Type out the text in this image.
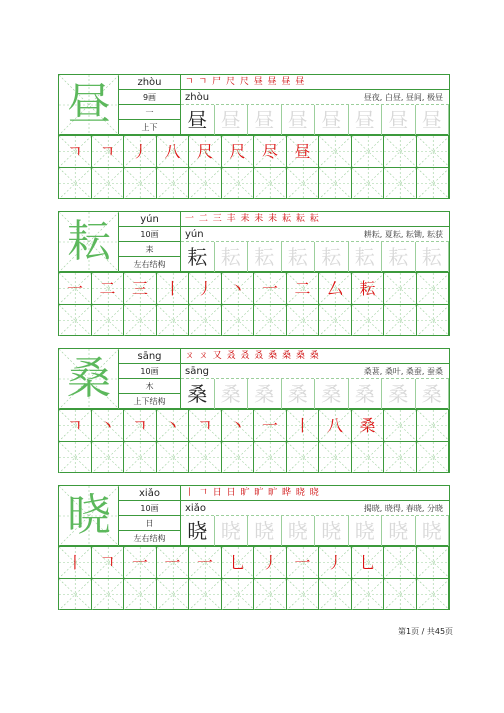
昼	zhòu
9画
一
上下
ㄱ ㄱ 尸 尺 尺 昼 昼 昼 昼
zhòu	昼夜, 白昼, 昼间, 极昼
昼 昼 昼 昼 昼 昼 昼 昼
ㄱ	ㄱ	丿	八	尺	尺	尽	昼
耘	yún
10画
耒
左右结构
一 二 三 丰 耒 耒 耒 耘 耘 耘
yún	耕耘, 夏耘, 耘锄, 耘获
耘 耘 耘 耘 耘 耘 耘 耘
一	二	三	丨	丿	丶	一	二	厶	耘
桑	sāng
10画
木
上下结构
ㄡ ㄡ 又 叒 叒 叒 桑 桑 桑 桑
sāng	桑葚, 桑叶, 桑蚕, 蚕桑
桑 桑 桑 桑 桑 桑 桑 桑
ㄱ	丶	ㄱ	丶	ㄱ	丶	一	丨	八	桑
晓	xiǎo
10画
日
左右结构
丨 𠃍 日 日 旷 旷 旷 晔 晓 晓
xiǎo	揭晓, 晓得, 春晓, 分晓
晓 晓 晓 晓 晓 晓 晓 晓
丨	𠃍	一	一	一	乚	丿	一	丿	乚
第1页 / 共45页
